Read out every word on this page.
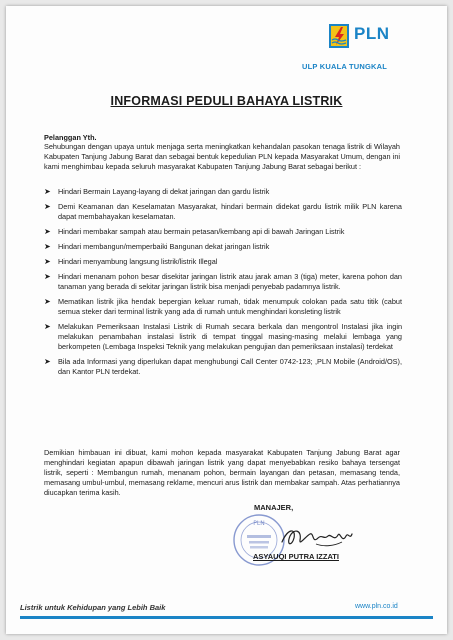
PLN
ULP KUALA TUNGKAL
INFORMASI PEDULI BAHAYA LISTRIK
Pelanggan Yth.
Sehubungan dengan upaya untuk menjaga serta meningkatkan kehandalan pasokan tenaga listrik di Wilayah Kabupaten Tanjung Jabung Barat dan sebagai bentuk kepedulian PLN kepada Masyarakat Umum, dengan ini kami menghimbau kepada seluruh masyarakat Kabupaten Tanjung Jabung Barat sebagai berikut :
➤ Hindari Bermain Layang-layang di dekat jaringan dan gardu listrik
➤ Demi Keamanan dan Keselamatan Masyarakat, hindari bermain didekat gardu listrik milik PLN karena dapat membahayakan keselamatan.
➤ Hindari membakar sampah atau bermain petasan/kembang api di bawah Jaringan Listrik
➤ Hindari membangun/memperbaiki Bangunan dekat jaringan listrik
➤ Hindari menyambung langsung listrik/listrik Illegal
➤ Hindari menanam pohon besar disekitar jaringan listrik atau jarak aman 3 (tiga) meter, karena pohon dan tanaman yang berada di sekitar jaringan listrik bisa menjadi penyebab padamnya listrik.
➤ Mematikan listrik jika hendak bepergian keluar rumah, tidak menumpuk colokan pada satu titik (cabut semua steker dari terminal listrik yang ada di rumah untuk menghindari konsleting listrik
➤ Melakukan Pemeriksaan Instalasi Listrik di Rumah secara berkala dan mengontrol Instalasi jika ingin melakukan penambahan instalasi listrik di tempat tinggal masing-masing melalui lembaga yang berkompeten (Lembaga Inspeksi Teknik yang melakukan pengujian dan pemeriksaan instalasi) terdekat
➤ Bila ada Informasi yang diperlukan dapat menghubungi Call Center 0742-123; ,PLN Mobile (Android/OS), dan Kantor PLN terdekat.
Demikian himbauan ini dibuat, kami mohon kepada masyarakat Kabupaten Tanjung Jabung Barat agar menghindari kegiatan apapun dibawah jaringan listrik yang dapat menyebabkan resiko bahaya tersengat listrik, seperti : Membangun rumah, menanam pohon, bermain layangan dan petasan, memasang tenda, memasang umbul-umbul, memasang reklame, mencuri arus listrik dan membakar sampah. Atas perhatiannya diucapkan terima kasih.
MANAJER,
PLN
ASYAUQI PUTRA IZZATI
Listrik untuk Kehidupan yang Lebih Baik	www.pln.co.id
